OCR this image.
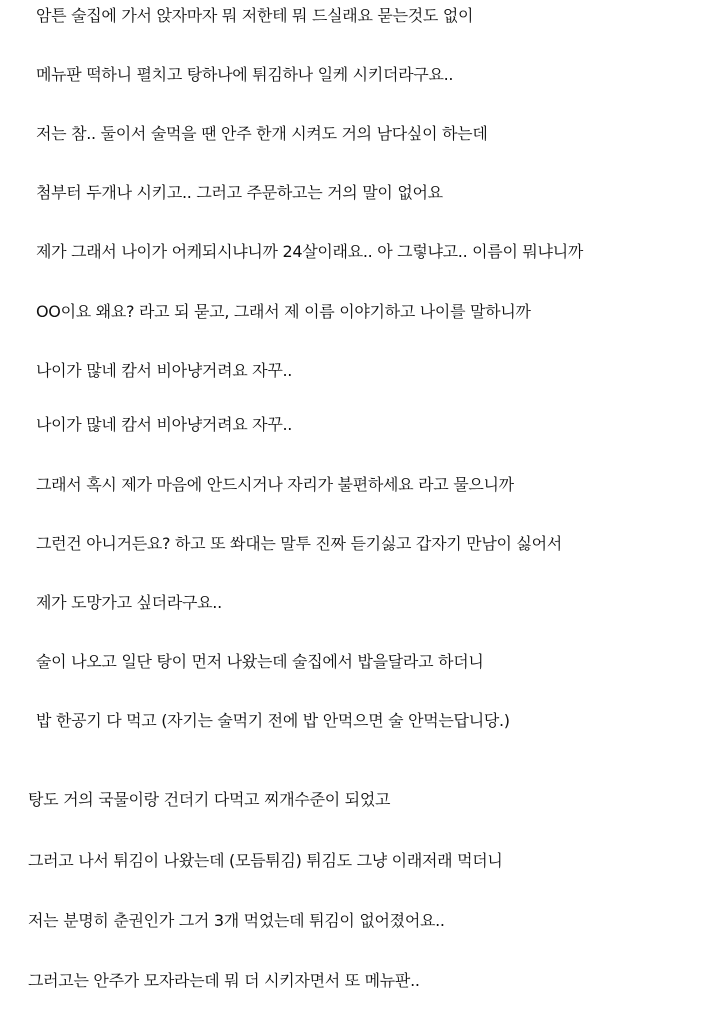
암튼 술집에 가서 앉자마자 뭐 저한테 뭐 드실래요 묻는것도 없이
메뉴판 떡하니 펼치고 탕하나에 튀김하나 일케 시키더라구요..
저는 참.. 둘이서 술먹을 땐 안주 한개 시켜도 거의 남다싶이 하는데
첨부터 두개나 시키고.. 그러고 주문하고는 거의 말이 없어요
제가 그래서 나이가 어케되시냐니까 24살이래요.. 아 그렇냐고.. 이름이 뭐냐니까
OO이요 왜요? 라고 되 묻고, 그래서 제 이름 이야기하고 나이를 말하니까
나이가 많네 캄서 비아냥거려요 자꾸..
나이가 많네 캄서 비아냥거려요 자꾸..
그래서 혹시 제가 마음에 안드시거나 자리가 불편하세요 라고 물으니까
그런건 아니거든요? 하고 또 쏴대는 말투 진짜 듣기싫고 갑자기 만남이 싫어서
제가 도망가고 싶더라구요..
술이 나오고 일단 탕이 먼저 나왔는데 술집에서 밥을달라고 하더니
밥 한공기 다 먹고 (자기는 술먹기 전에 밥 안먹으면 술 안먹는답니당.)
탕도 거의 국물이랑 건더기 다먹고 찌개수준이 되었고
그러고 나서 튀김이 나왔는데 (모듬튀김) 튀김도 그냥 이래저래 먹더니
저는 분명히 춘권인가 그거 3개 먹었는데 튀김이 없어졌어요..
그러고는 안주가 모자라는데 뭐 더 시키자면서 또 메뉴판..
